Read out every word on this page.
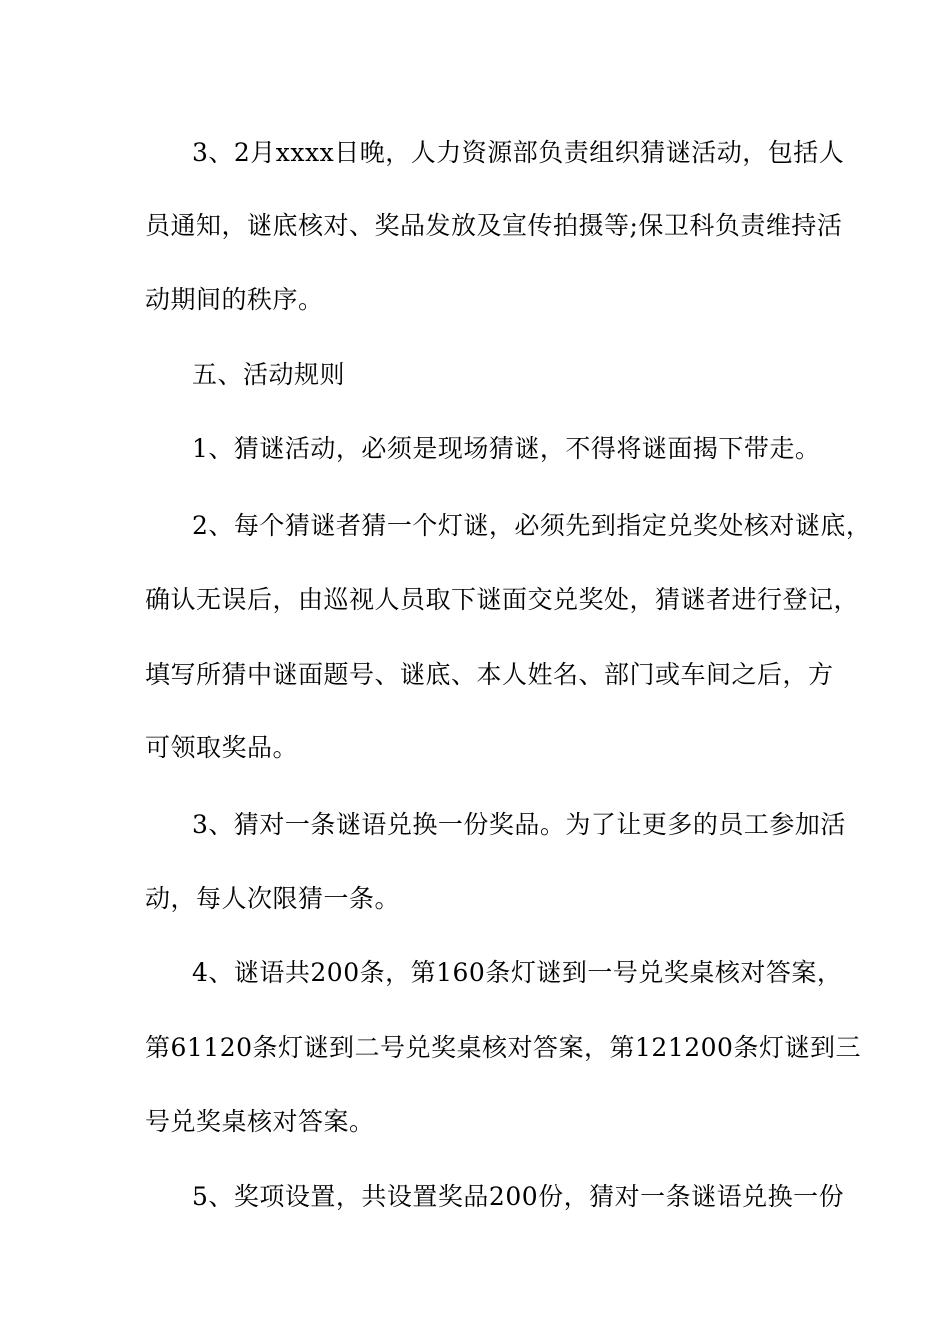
3、2月xxxx日晚，人力资源部负责组织猜谜活动，包括人
员通知，谜底核对、奖品发放及宣传拍摄等;保卫科负责维持活
动期间的秩序。
五、活动规则
1、猜谜活动，必须是现场猜谜，不得将谜面揭下带走。
2、每个猜谜者猜一个灯谜，必须先到指定兑奖处核对谜底，
确认无误后，由巡视人员取下谜面交兑奖处，猜谜者进行登记，
填写所猜中谜面题号、谜底、本人姓名、部门或车间之后，方
可领取奖品。
3、猜对一条谜语兑换一份奖品。为了让更多的员工参加活
动，每人次限猜一条。
4、谜语共200条，第160条灯谜到一号兑奖桌核对答案，
第61120条灯谜到二号兑奖桌核对答案，第121200条灯谜到三
号兑奖桌核对答案。
5、奖项设置，共设置奖品200份，猜对一条谜语兑换一份
